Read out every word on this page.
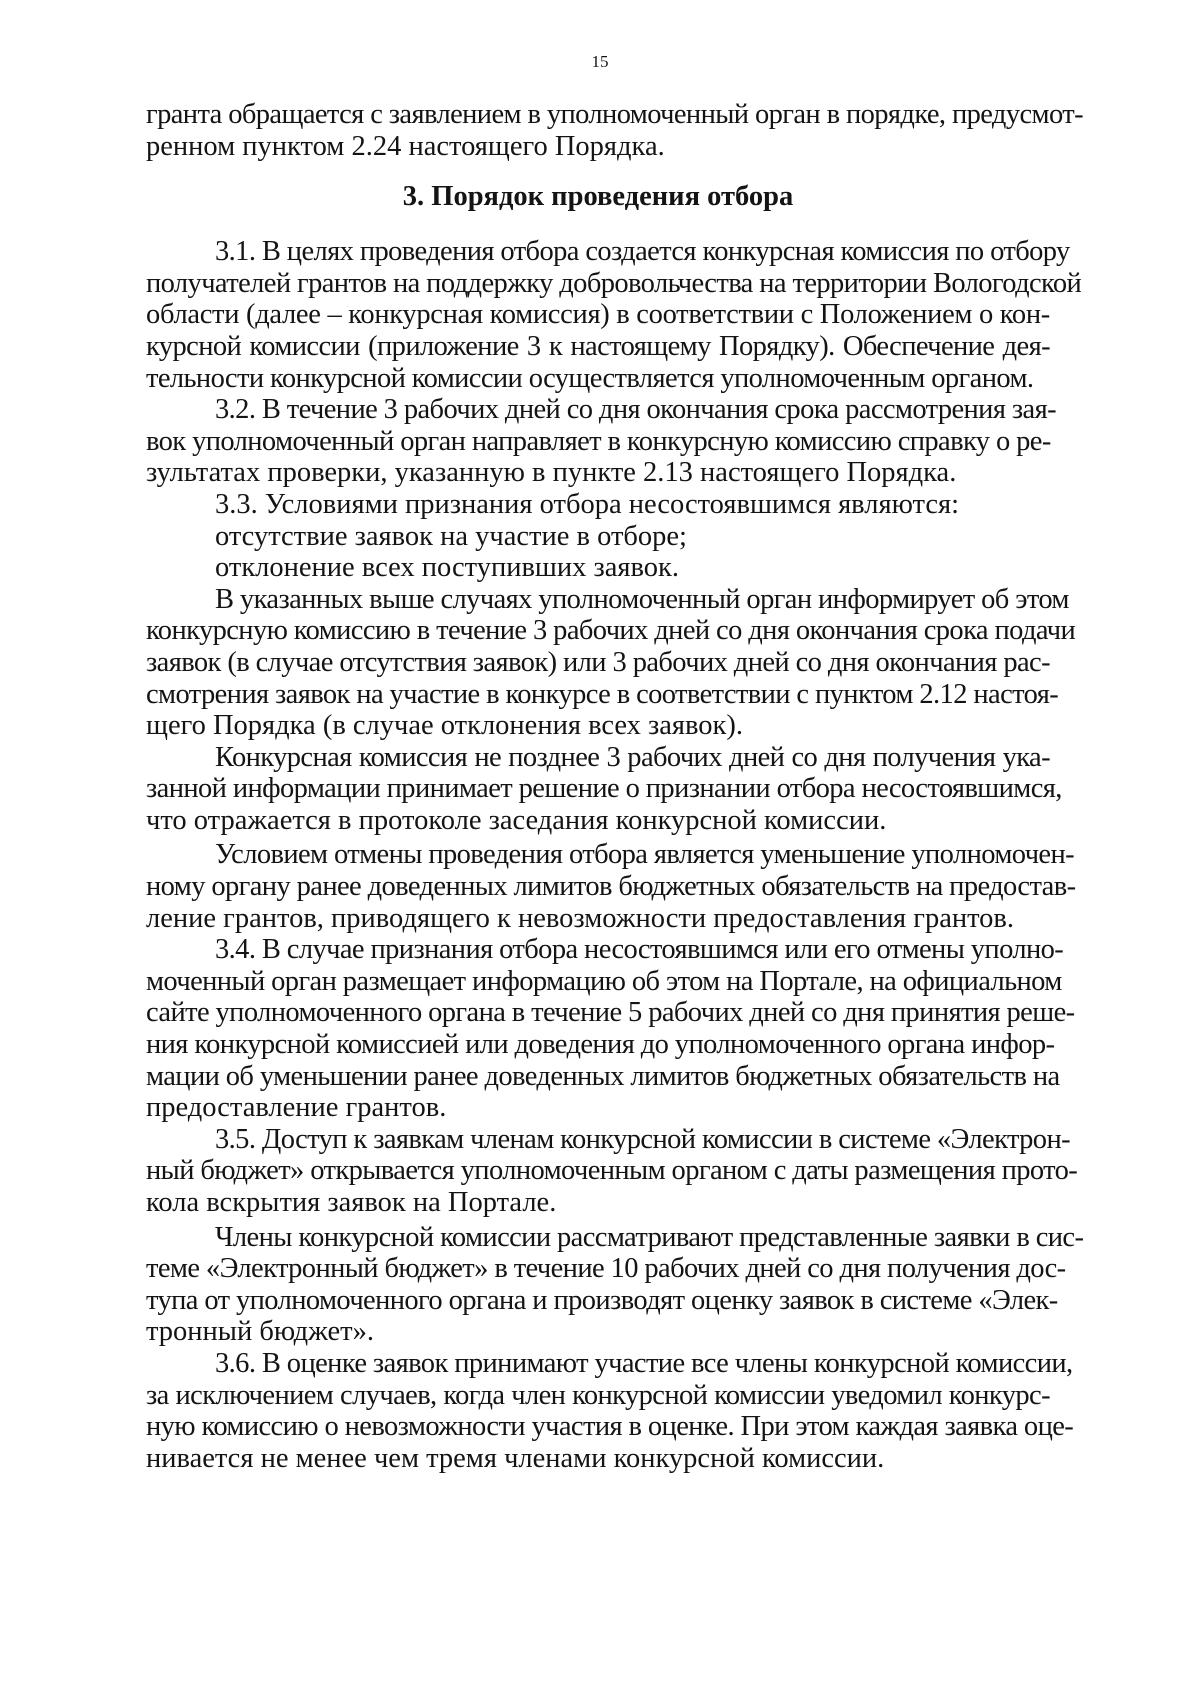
15
гранта обращается с заявлением в уполномоченный орган в порядке, предусмот-
ренном пунктом 2.24 настоящего Порядка.
3. Порядок проведения отбора
3.1. В целях проведения отбора создается конкурсная комиссия по отбору
получателей грантов на поддержку добровольчества на территории Вологодской
области (далее – конкурсная комиссия) в соответствии с Положением о кон-
курсной комиссии (приложение 3 к настоящему Порядку). Обеспечение дея-
тельности конкурсной комиссии осуществляется уполномоченным органом.
3.2. В течение 3 рабочих дней со дня окончания срока рассмотрения зая-
вок уполномоченный орган направляет в конкурсную комиссию справку о ре-
зультатах проверки, указанную в пункте 2.13 настоящего Порядка.
3.3. Условиями признания отбора несостоявшимся являются:
отсутствие заявок на участие в отборе;
отклонение всех поступивших заявок.
В указанных выше случаях уполномоченный орган информирует об этом
конкурсную комиссию в течение 3 рабочих дней со дня окончания срока подачи
заявок (в случае отсутствия заявок) или 3 рабочих дней со дня окончания рас-
смотрения заявок на участие в конкурсе в соответствии с пунктом 2.12 настоя-
щего Порядка (в случае отклонения всех заявок).
Конкурсная комиссия не позднее 3 рабочих дней со дня получения ука-
занной информации принимает решение о признании отбора несостоявшимся,
что отражается в протоколе заседания конкурсной комиссии.
Условием отмены проведения отбора является уменьшение уполномочен-
ному органу ранее доведенных лимитов бюджетных обязательств на предостав-
ление грантов, приводящего к невозможности предоставления грантов.
3.4. В случае признания отбора несостоявшимся или его отмены уполно-
моченный орган размещает информацию об этом на Портале, на официальном
сайте уполномоченного органа в течение 5 рабочих дней со дня принятия реше-
ния конкурсной комиссией или доведения до уполномоченного органа инфор-
мации об уменьшении ранее доведенных лимитов бюджетных обязательств на
предоставление грантов.
3.5. Доступ к заявкам членам конкурсной комиссии в системе «Электрон-
ный бюджет» открывается уполномоченным органом с даты размещения прото-
кола вскрытия заявок на Портале.
Члены конкурсной комиссии рассматривают представленные заявки в сис-
теме «Электронный бюджет» в течение 10 рабочих дней со дня получения дос-
тупа от уполномоченного органа и производят оценку заявок в системе «Элек-
тронный бюджет».
3.6. В оценке заявок принимают участие все члены конкурсной комиссии,
за исключением случаев, когда член конкурсной комиссии уведомил конкурс-
ную комиссию о невозможности участия в оценке. При этом каждая заявка оце-
нивается не менее чем тремя членами конкурсной комиссии.
